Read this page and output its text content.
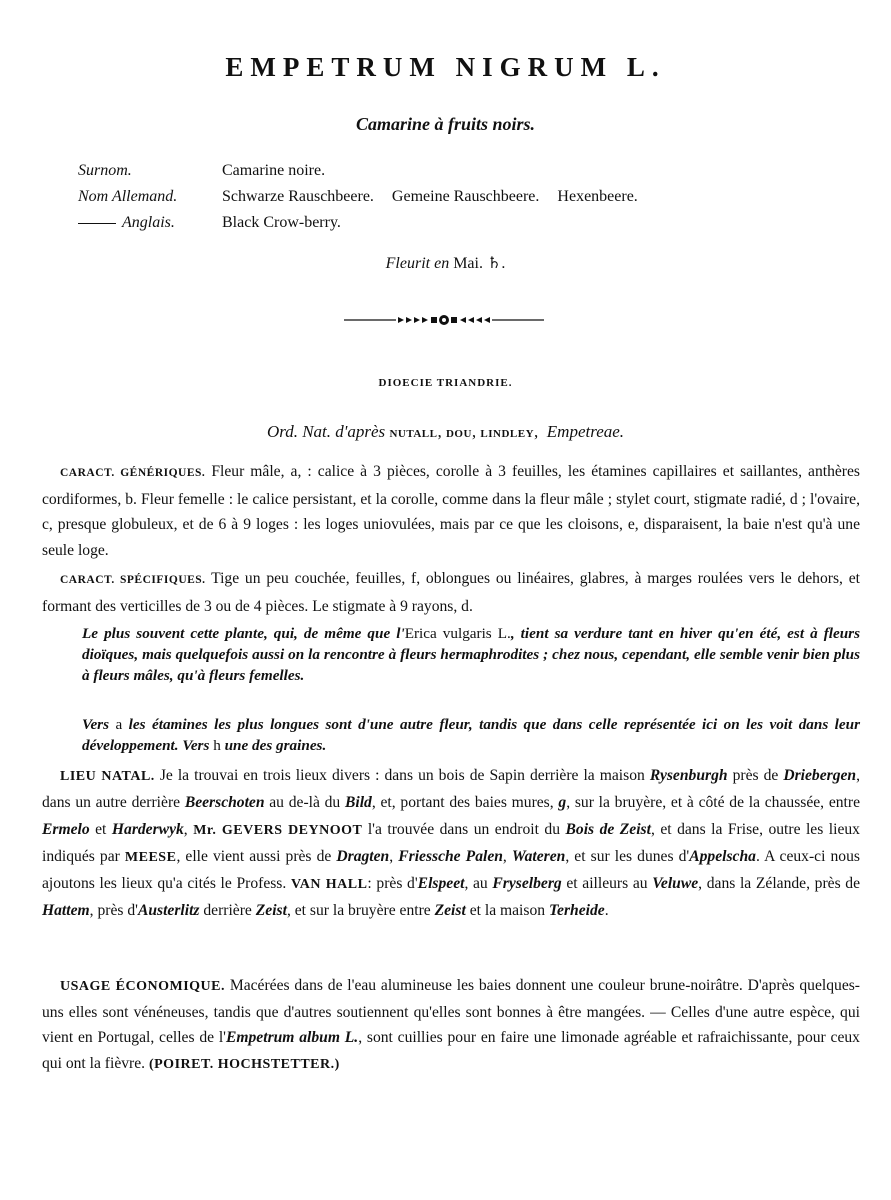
EMPETRUM NIGRUM L.
Camarine à fruits noirs.
Surnom.	Camarine noire.
Nom Allemand.	Schwarze Rauschbeere. Gemeine Rauschbeere. Hexenbeere.
Anglais.	Black Crow-berry.
Fleurit en Mai. ♄.
DIOECIE TRIANDRIE.
Ord. Nat. d'après NUTALL, DOU, LINDLEY,  Empetreae.
CARACT. GÉNÉRIQUES. Fleur mâle, a, : calice à 3 pièces, corolle à 3 feuilles, les étamines capillaires et saillantes, anthères cordiformes, b. Fleur femelle : le calice persistant, et la corolle, comme dans la fleur mâle ; stylet court, stigmate radié, d ; l'ovaire, c, presque globuleux, et de 6 à 9 loges : les loges uniovulées, mais par ce que les cloisons, e, disparaisent, la baie n'est qu'à une seule loge.
CARACT. SPÉCIFIQUES. Tige un peu couchée, feuilles, f, oblongues ou linéaires, glabres, à marges roulées vers le dehors, et formant des verticilles de 3 ou de 4 pièces. Le stigmate à 9 rayons, d.
Le plus souvent cette plante, qui, de même que l'Erica vulgaris L., tient sa verdure tant en hiver qu'en été, est à fleurs dioïques, mais quelquefois aussi on la rencontre à fleurs hermaphrodites ; chez nous, cependant, elle semble venir bien plus à fleurs mâles, qu'à fleurs femelles.
Vers a les étamines les plus longues sont d'une autre fleur, tandis que dans celle représentée ici on les voit dans leur développement. Vers h une des graines.
LIEU NATAL. Je la trouvai en trois lieux divers : dans un bois de Sapin derrière la maison Rysenburgh près de Driebergen, dans un autre derrière Beerschoten au de-là du Bild, et, portant des baies mures, g, sur la bruyère, et à côté de la chaussée, entre Ermelo et Harderwyk, Mr. GEVERS DEYNOOT l'a trouvée dans un endroit du Bois de Zeist, et dans la Frise, outre les lieux indiqués par MEESE, elle vient aussi près de Dragten, Friessche Palen, Wateren, et sur les dunes d'Appelscha. A ceux-ci nous ajoutons les lieux qu'a cités le Profess. VAN HALL: près d'Elspeet, au Fryselberg et ailleurs au Veluwe, dans la Zélande, près de Hattem, près d'Austerlitz derrière Zeist, et sur la bruyère entre Zeist et la maison Terheide.
USAGE ÉCONOMIQUE. Macérées dans de l'eau alumineuse les baies donnent une couleur brune-noirâtre. D'après quelques-uns elles sont vénéneuses, tandis que d'autres soutiennent qu'elles sont bonnes à être mangées. — Celles d'une autre espèce, qui vient en Portugal, celles de l'Empetrum album L., sont cuillies pour en faire une limonade agréable et rafraichissante, pour ceux qui ont la fièvre. (POIRET. HOCHSTETTER.)
